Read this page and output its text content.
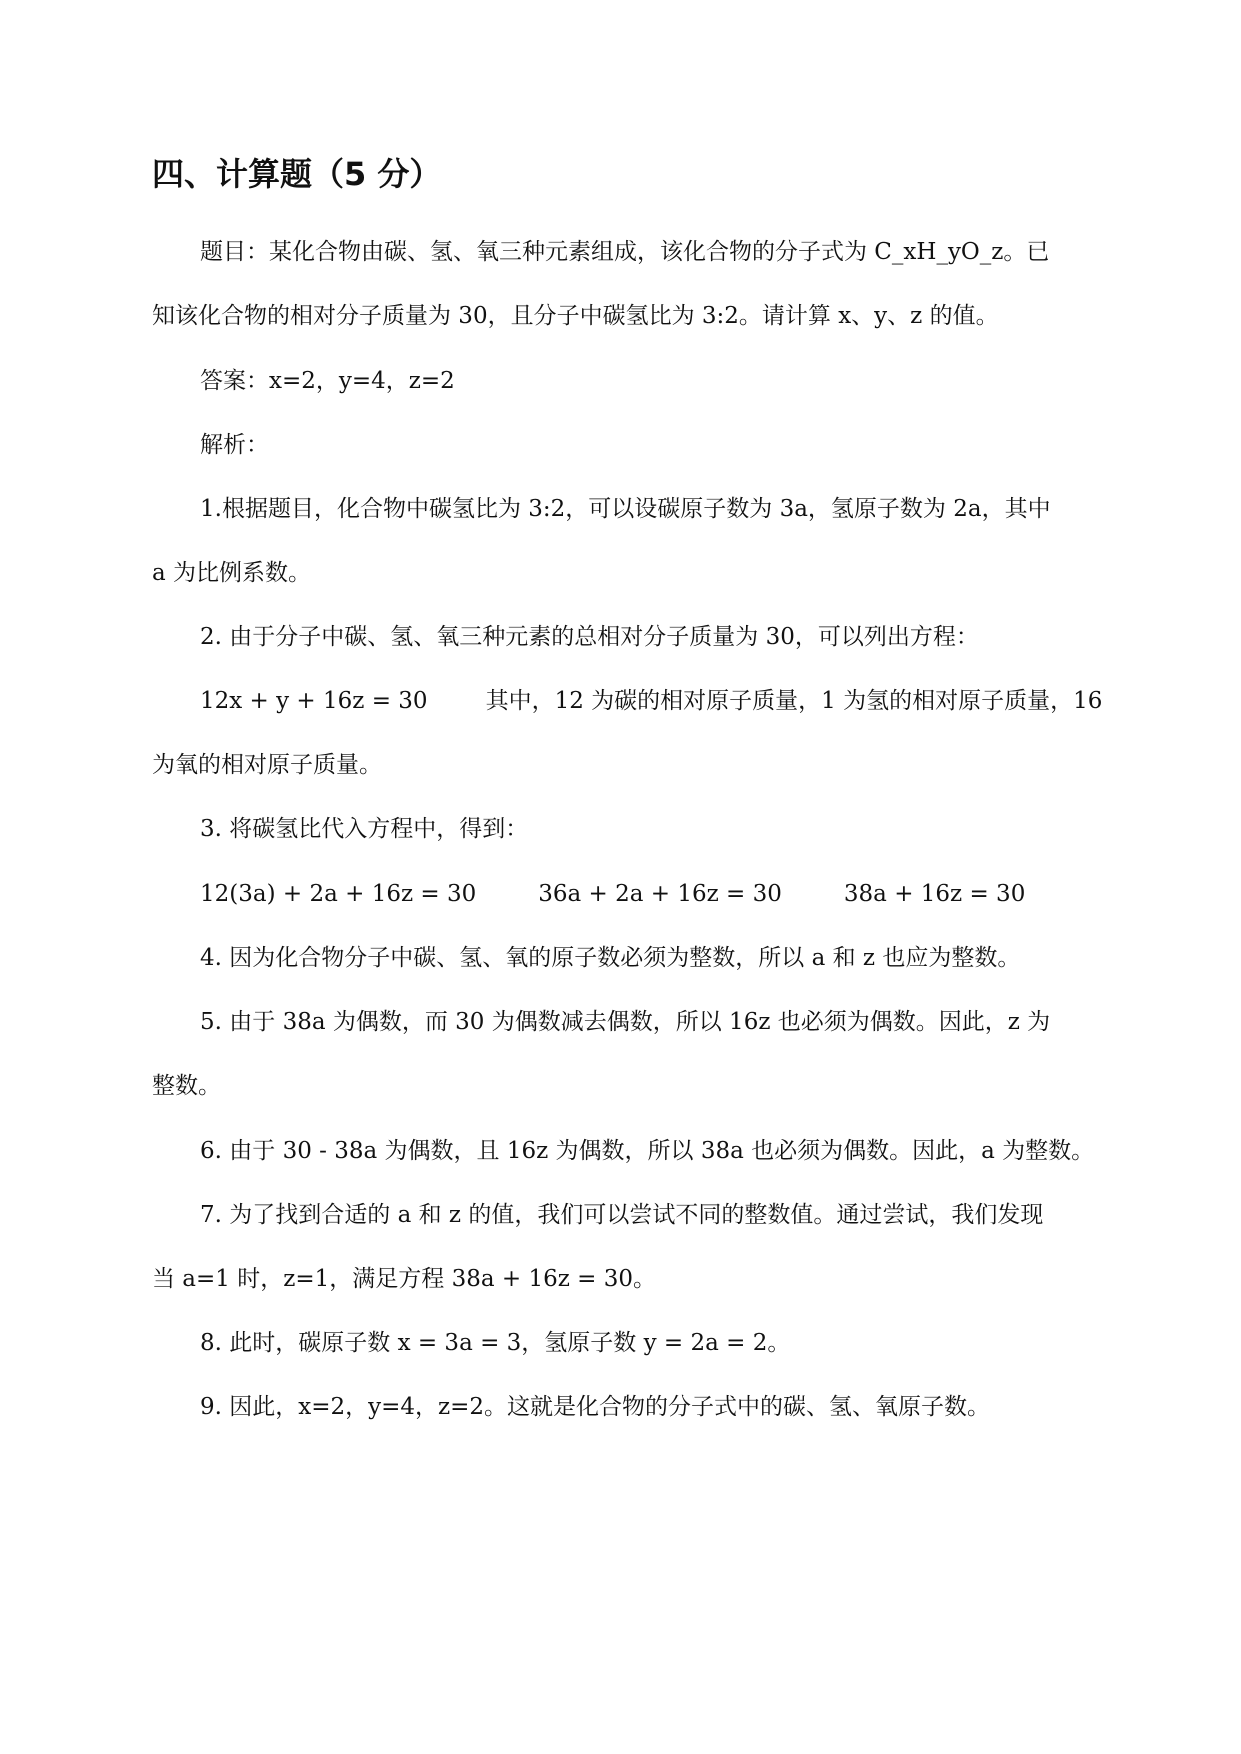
四、计算题（5 分）
题目：某化合物由碳、氢、氧三种元素组成，该化合物的分子式为 C_xH_yO_z。已
知该化合物的相对分子质量为 30，且分子中碳氢比为 3:2。请计算 x、y、z 的值。
答案：x=2，y=4，z=2
解析：
1.根据题目，化合物中碳氢比为 3:2，可以设碳原子数为 3a，氢原子数为 2a，其中
a 为比例系数。
2. 由于分子中碳、氢、氧三种元素的总相对分子质量为 30，可以列出方程：
12x + y + 16z = 30	其中，12 为碳的相对原子质量，1 为氢的相对原子质量，16
为氧的相对原子质量。
3. 将碳氢比代入方程中，得到：
12(3a) + 2a + 16z = 30	36a + 2a + 16z = 30	38a + 16z = 30
4. 因为化合物分子中碳、氢、氧的原子数必须为整数，所以 a 和 z 也应为整数。
5. 由于 38a 为偶数，而 30 为偶数减去偶数，所以 16z 也必须为偶数。因此，z 为
整数。
6. 由于 30 - 38a 为偶数，且 16z 为偶数，所以 38a 也必须为偶数。因此，a 为整数。
7. 为了找到合适的 a 和 z 的值，我们可以尝试不同的整数值。通过尝试，我们发现
当 a=1 时，z=1，满足方程 38a + 16z = 30。
8. 此时，碳原子数 x = 3a = 3，氢原子数 y = 2a = 2。
9. 因此，x=2，y=4，z=2。这就是化合物的分子式中的碳、氢、氧原子数。
